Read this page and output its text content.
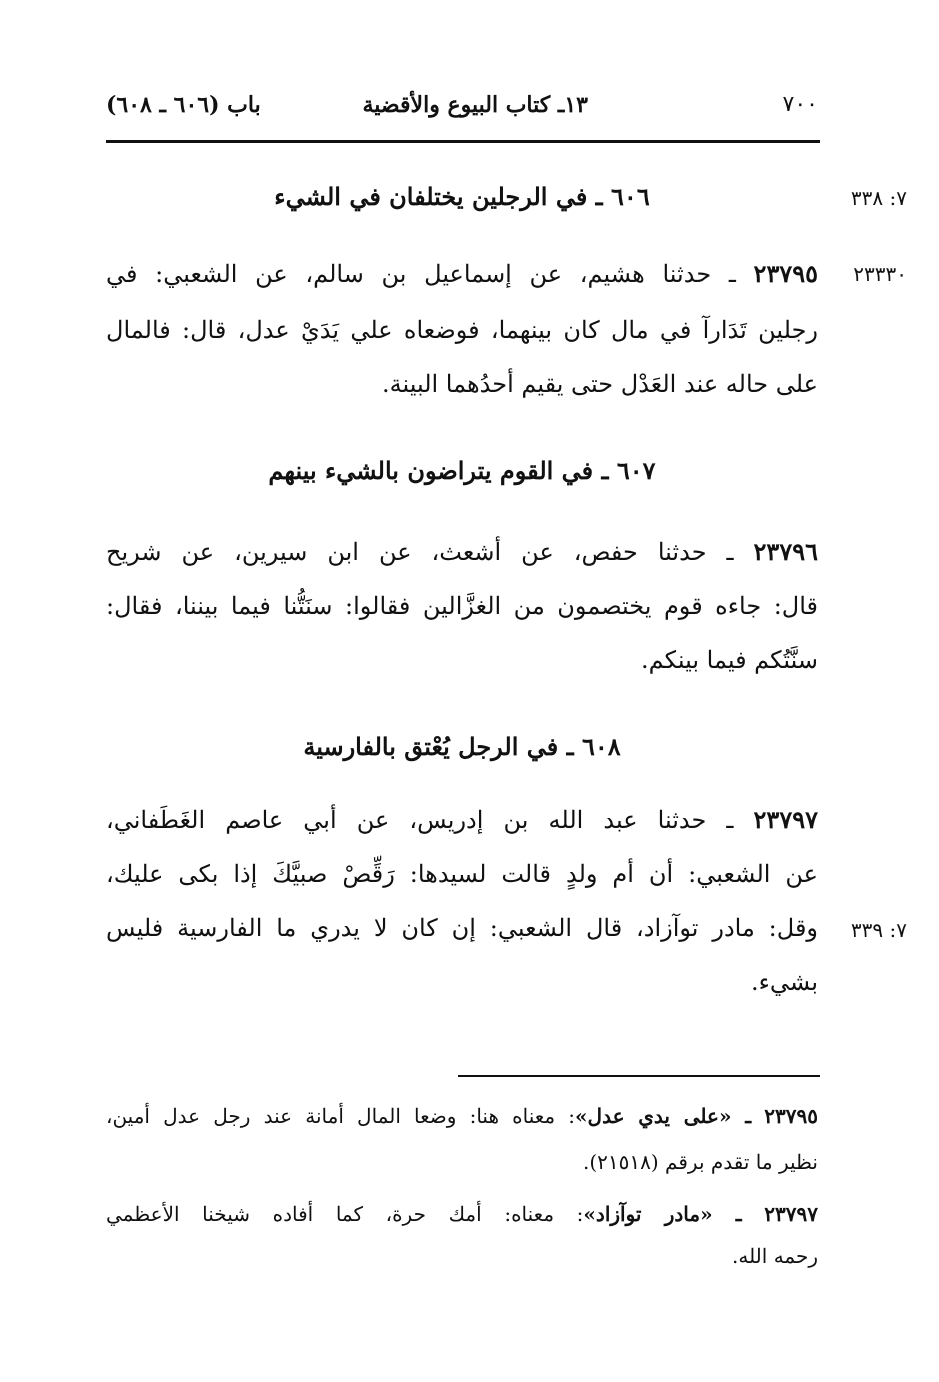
٧٠٠
١٣ـ كتاب البيوع والأقضية
باب (٦٠٦ ـ ٦٠٨)
٧: ٣٣٨
٢٣٣٣٠
٧: ٣٣٩
٦٠٦ ـ في الرجلين يختلفان في الشيء
٢٣٧٩٥ ـ حدثنا هشيم، عن إسماعيل بن سالم، عن الشعبي: في
رجلين تَدَارآ في مال كان بينهما، فوضعاه علي يَدَيْ عدل، قال: فالمال
على حاله عند العَدْل حتى يقيم أحدُهما البينة.
٦٠٧ ـ في القوم يتراضون بالشيء بينهم
٢٣٧٩٦ ـ حدثنا حفص، عن أشعث، عن ابن سيرين، عن شريح
قال: جاءه قوم يختصمون من الغزَّالين فقالوا: سنَتُّنا فيما بيننا، فقال:
سنَّتُكم فيما بينكم.
٦٠٨ ـ في الرجل يُعْتق بالفارسية
٢٣٧٩٧ ـ حدثنا عبد الله بن إدريس، عن أبي عاصم الغَطَفاني،
عن الشعبي: أن أم ولدٍ قالت لسيدها: رَقِّصْ صبيَّكَ إذا بكى عليك،
وقل: مادر توآزاد، قال الشعبي: إن كان لا يدري ما الفارسية فليس
بشيء.
٢٣٧٩٥ ـ «على يدي عدل»: معناه هنا: وضعا المال أمانة عند رجل عدل أمين،
نظير ما تقدم برقم (٢١٥١٨).
٢٣٧٩٧ ـ «مادر توآزاد»: معناه: أمك حرة، كما أفاده شيخنا الأعظمي
رحمه الله.
